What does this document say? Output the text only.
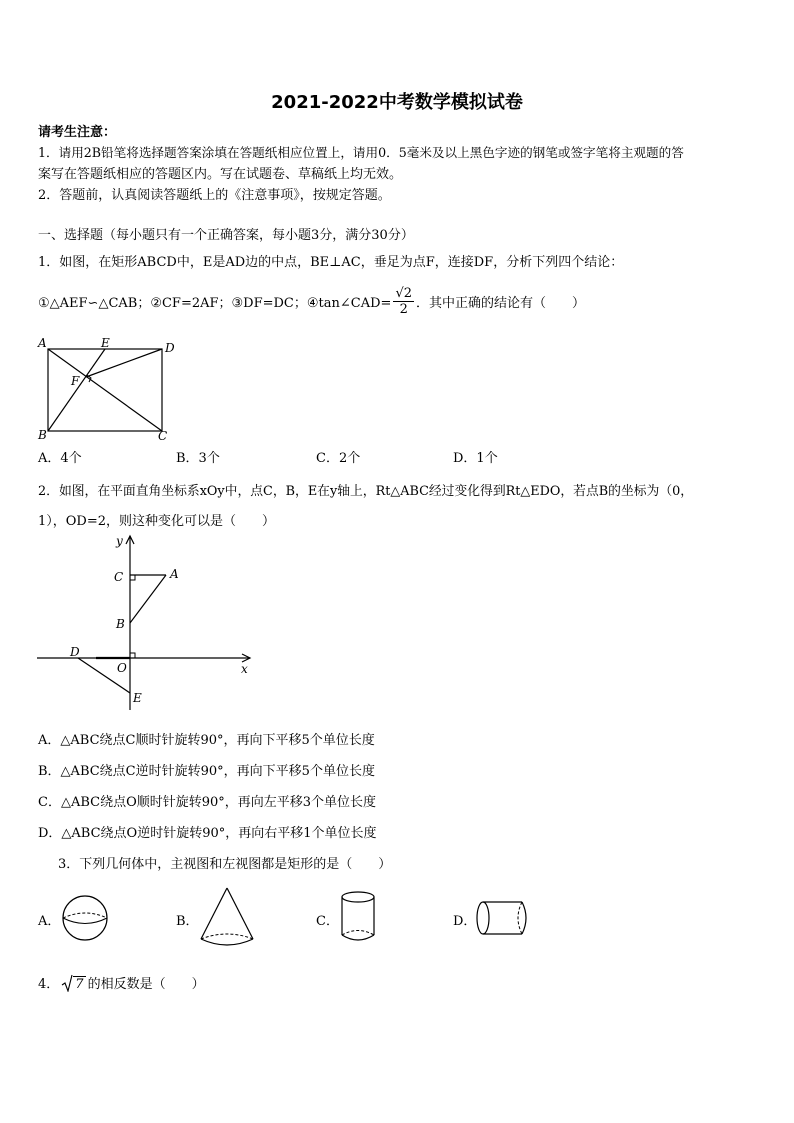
2021-2022中考数学模拟试卷
请考生注意：
1．请用2B铅笔将选择题答案涂填在答题纸相应位置上，请用0．5毫米及以上黑色字迹的钢笔或签字笔将主观题的答
案写在答题纸相应的答题区内。写在试题卷、草稿纸上均无效。
2．答题前，认真阅读答题纸上的《注意事项》，按规定答题。
一、选择题（每小题只有一个正确答案，每小题3分，满分30分）
1．如图，在矩形ABCD中，E是AD边的中点，BE⊥AC，垂足为点F，连接DF，分析下列四个结论：
①△AEF∽△CAB；②CF=2AF；③DF=DC；④tan∠CAD= $\frac{√2}{2}$ ．其中正确的结论有（　　）
A	E	D
F
B	C
A．4个	B．3个	C．2个	D．1个
2．如图，在平面直角坐标系xOy中，点C，B，E在y轴上，Rt△ABC经过变化得到Rt△EDO，若点B的坐标为（0，
1），OD=2，则这种变化可以是（　　）
y
x
C	A
B
D
O
E
A．△ABC绕点C顺时针旋转90°，再向下平移5个单位长度
B．△ABC绕点C逆时针旋转90°，再向下平移5个单位长度
C．△ABC绕点O顺时针旋转90°，再向左平移3个单位长度
D．△ABC绕点O逆时针旋转90°，再向右平移1个单位长度
3．下列几何体中，主视图和左视图都是矩形的是（　　）
A．	B．	C．	D．
4． 7 的相反数是（　　）
